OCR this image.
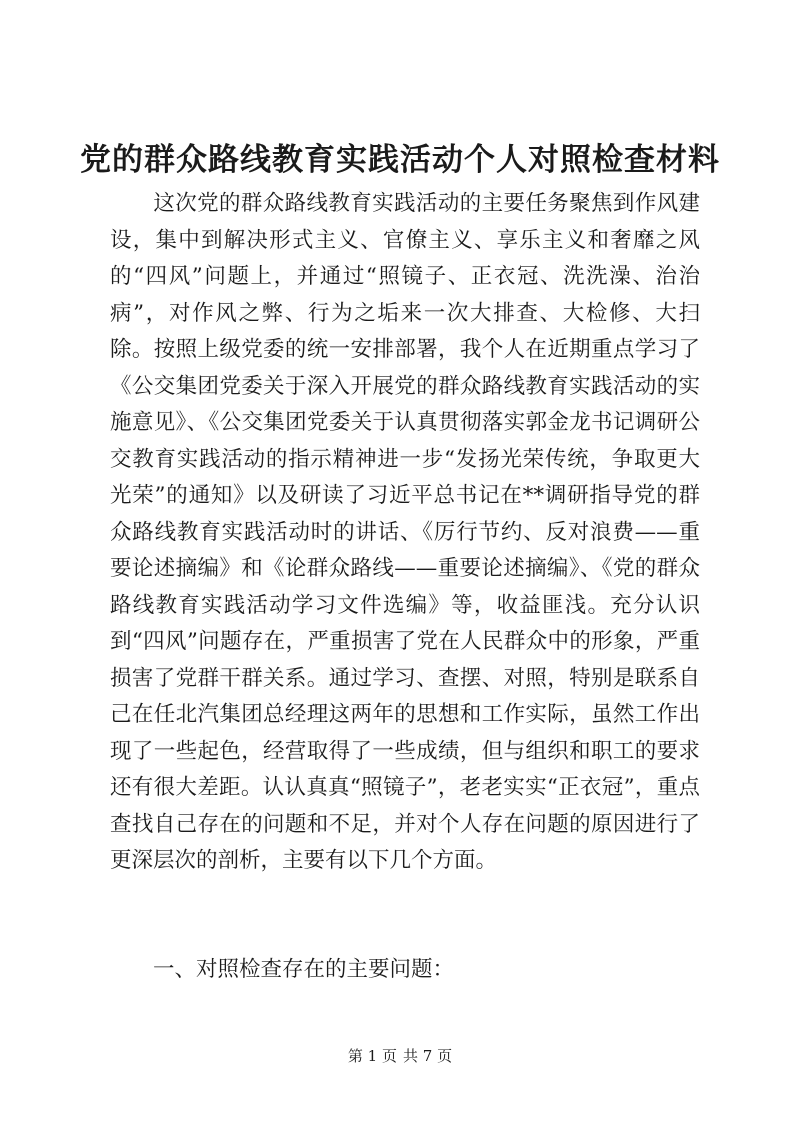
党的群众路线教育实践活动个人对照检查材料

这次党的群众路线教育实践活动的主要任务聚焦到作风建设，集中到解决形式主义、官僚主义、享乐主义和奢靡之风的“四风”问题上，并通过“照镜子、正衣冠、洗洗澡、治治病”，对作风之弊、行为之垢来一次大排查、大检修、大扫除。按照上级党委的统一安排部署，我个人在近期重点学习了《公交集团党委关于深入开展党的群众路线教育实践活动的实施意见》、《公交集团党委关于认真贯彻落实郭金龙书记调研公交教育实践活动的指示精神进一步“发扬光荣传统，争取更大光荣”的通知》以及研读了习近平总书记在**调研指导党的群众路线教育实践活动时的讲话、《厉行节约、反对浪费——重要论述摘编》和《论群众路线——重要论述摘编》、《党的群众路线教育实践活动学习文件选编》等，收益匪浅。充分认识到“四风”问题存在，严重损害了党在人民群众中的形象，严重损害了党群干群关系。通过学习、查摆、对照，特别是联系自己在任北汽集团总经理这两年的思想和工作实际，虽然工作出现了一些起色，经营取得了一些成绩，但与组织和职工的要求还有很大差距。认认真真“照镜子”，老老实实“正衣冠”，重点查找自己存在的问题和不足，并对个人存在问题的原因进行了更深层次的剖析，主要有以下几个方面。

一、对照检查存在的主要问题：

第 1 页 共 7 页
